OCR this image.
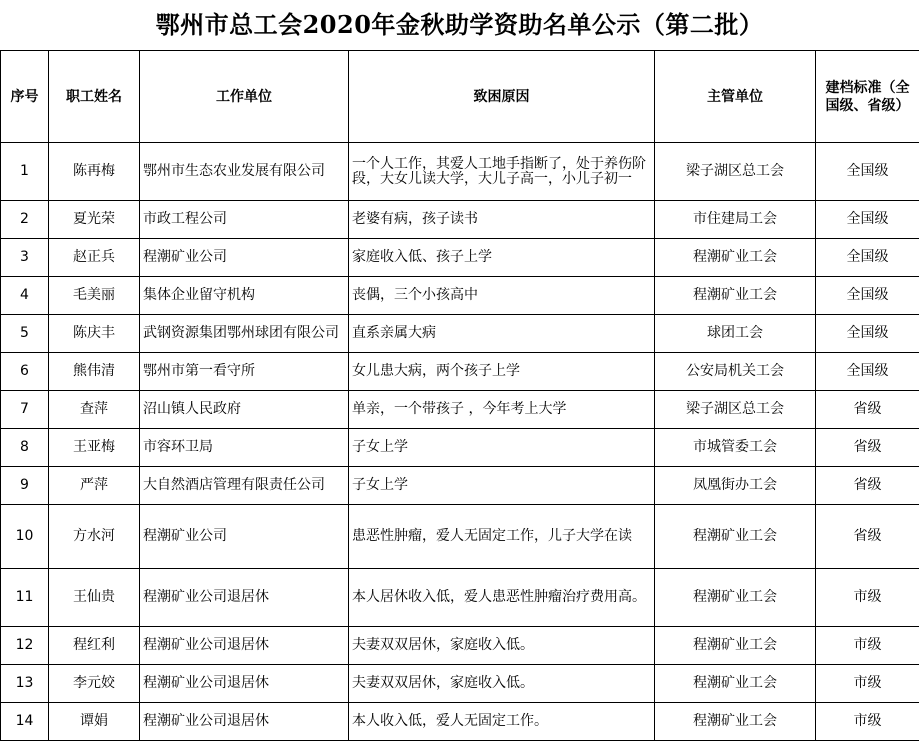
鄂州市总工会2020年金秋助学资助名单公示（第二批）
序号	职工姓名	工作单位	致困原因	主管单位	建档标准（全国级、省级）
1	陈再梅	鄂州市生态农业发展有限公司	一个人工作，其爱人工地手指断了，处于养伤阶段，大女儿读大学，大儿子高一，小儿子初一	梁子湖区总工会	全国级
2	夏光荣	市政工程公司	老婆有病，孩子读书	市住建局工会	全国级
3	赵正兵	程潮矿业公司	家庭收入低、孩子上学	程潮矿业工会	全国级
4	毛美丽	集体企业留守机构	丧偶，三个小孩高中	程潮矿业工会	全国级
5	陈庆丰	武钢资源集团鄂州球团有限公司	直系亲属大病	球团工会	全国级
6	熊伟清	鄂州市第一看守所	女儿患大病，两个孩子上学	公安局机关工会	全国级
7	查萍	沼山镇人民政府	单亲，一个带孩子 ，今年考上大学	梁子湖区总工会	省级
8	王亚梅	市容环卫局	子女上学	市城管委工会	省级
9	严萍	大自然酒店管理有限责任公司	子女上学	凤凰街办工会	省级
10	方水河	程潮矿业公司	患恶性肿瘤，爱人无固定工作，儿子大学在读	程潮矿业工会	省级
11	王仙贵	程潮矿业公司退居休	本人居休收入低，爱人患恶性肿瘤治疗费用高。	程潮矿业工会	市级
12	程红利	程潮矿业公司退居休	夫妻双双居休，家庭收入低。	程潮矿业工会	市级
13	李元姣	程潮矿业公司退居休	夫妻双双居休，家庭收入低。	程潮矿业工会	市级
14	谭娟	程潮矿业公司退居休	本人收入低，爱人无固定工作。	程潮矿业工会	市级
